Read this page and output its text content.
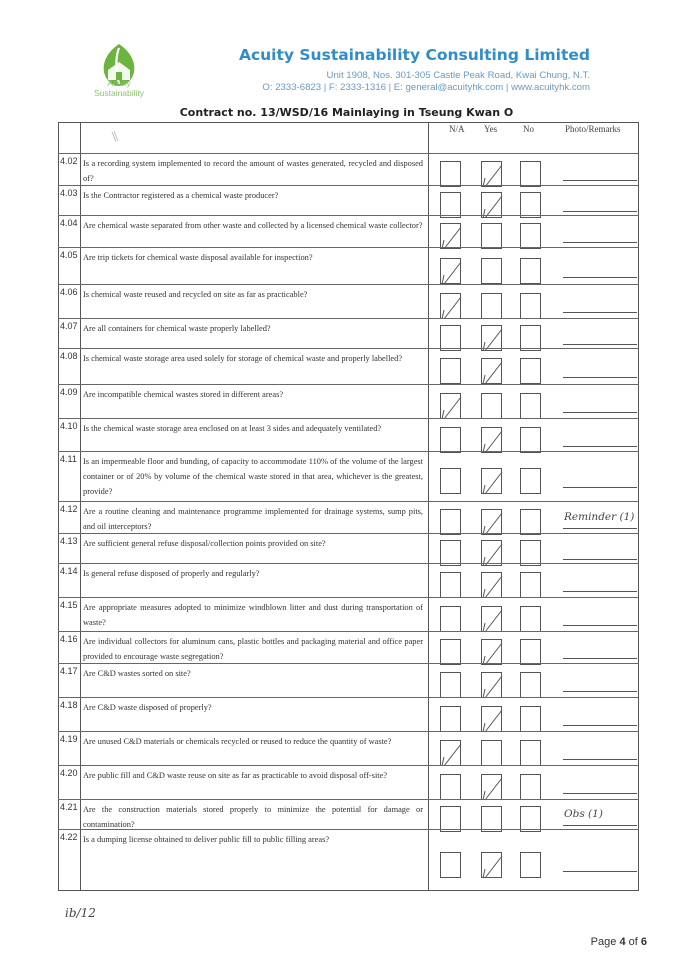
Acuity Sustainability
Acuity Sustainability Consulting Limited
Unit 1908, Nos. 301-305 Castle Peak Road, Kwai Chung, N.T.
O: 2333-6823 | F: 2333-1316 | E: general@acuityhk.com | www.acuityhk.com
Contract no. 13/WSD/16 Mainlaying in Tseung Kwan O
N/A Yes	No	Photo/Remarks
4.02 Is a recording system implemented to record the amount of wastes generated, recycled and disposed of?
4.03 Is the Contractor registered as a chemical waste producer?
4.04 Are chemical waste separated from other waste and collected by a licensed chemical waste collector?
4.05 Are trip tickets for chemical waste disposal available for inspection?
4.06 Is chemical waste reused and recycled on site as far as practicable?
4.07 Are all containers for chemical waste properly labelled?
4.08 Is chemical waste storage area used solely for storage of chemical waste and properly labelled?
4.09 Are incompatible chemical wastes stored in different areas?
4.10 Is the chemical waste storage area enclosed on at least 3 sides and adequately ventilated?
4.11 Is an impermeable floor and bunding, of capacity to accommodate 110% of the volume of the largest container or of 20% by volume of the chemical waste stored in that area, whichever is the greatest, provide?
4.12 Are a routine cleaning and maintenance programme implemented for drainage systems, sump pits, and oil interceptors?
Reminder (1)
4.13 Are sufficient general refuse disposal/collection points provided on site?
4.14 Is general refuse disposed of properly and regularly?
4.15 Are appropriate measures adopted to minimize windblown litter and dust during transportation of waste?
4.16 Are individual collectors for aluminum cans, plastic bottles and packaging material and office paper provided to encourage waste segregation?
4.17 Are C&D wastes sorted on site?
4.18 Are C&D waste disposed of properly?
4.19 Are unused C&D materials or chemicals recycled or reused to reduce the quantity of waste?
4.20 Are public fill and C&D waste reuse on site as far as practicable to avoid disposal off-site?
4.21 Are the construction materials stored properly to minimize the potential for damage or contamination?
Obs (1)
4.22 Is a dumping license obtained to deliver public fill to public filling areas?
ib/12
Page 4 of 6
